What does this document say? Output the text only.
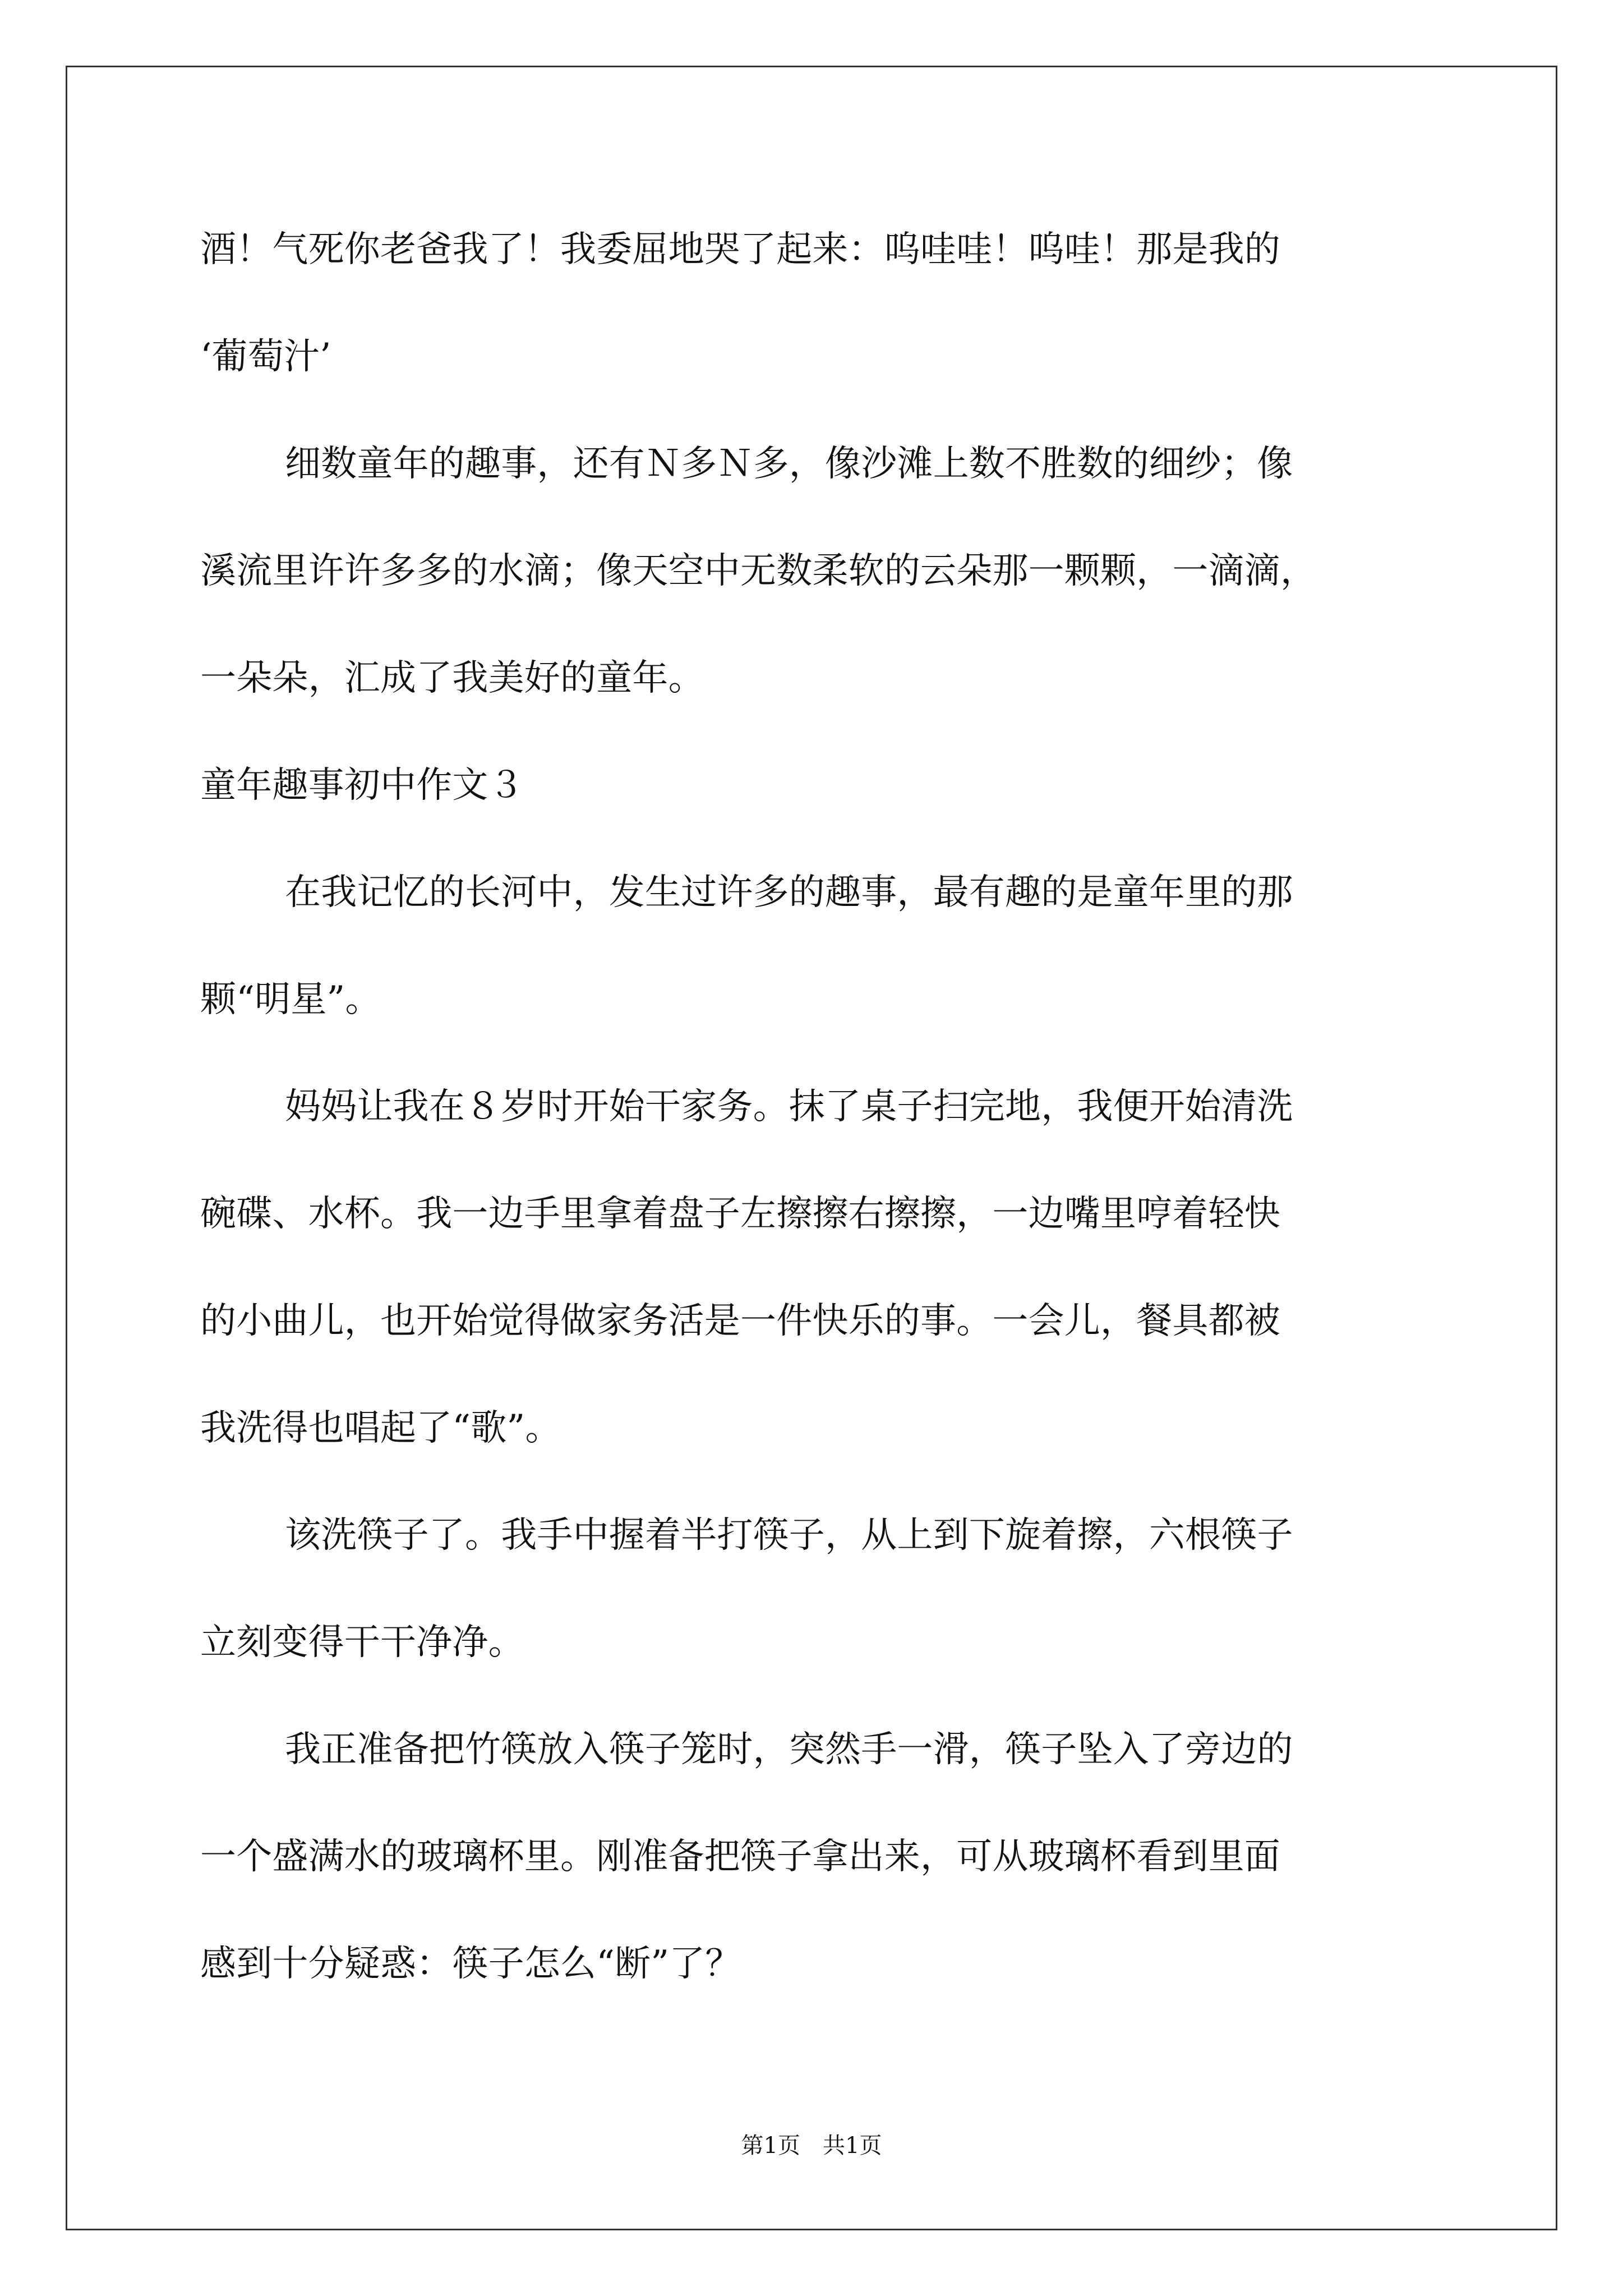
酒！气死你老爸我了！我委屈地哭了起来：呜哇哇！呜哇！那是我的
‘葡萄汁’
细数童年的趣事，还有Ｎ多Ｎ多，像沙滩上数不胜数的细纱；像
溪流里许许多多的水滴；像天空中无数柔软的云朵那一颗颗，一滴滴，
一朵朵，汇成了我美好的童年。
童年趣事初中作文３
在我记忆的长河中，发生过许多的趣事，最有趣的是童年里的那
颗“明星”。
妈妈让我在８岁时开始干家务。抹了桌子扫完地，我便开始清洗
碗碟、水杯。我一边手里拿着盘子左擦擦右擦擦，一边嘴里哼着轻快
的小曲儿，也开始觉得做家务活是一件快乐的事。一会儿，餐具都被
我洗得也唱起了“歌”。
该洗筷子了。我手中握着半打筷子，从上到下旋着擦，六根筷子
立刻变得干干净净。
我正准备把竹筷放入筷子笼时，突然手一滑，筷子坠入了旁边的
一个盛满水的玻璃杯里。刚准备把筷子拿出来，可从玻璃杯看到里面
感到十分疑惑：筷子怎么“断”了？
第1页　共1页
